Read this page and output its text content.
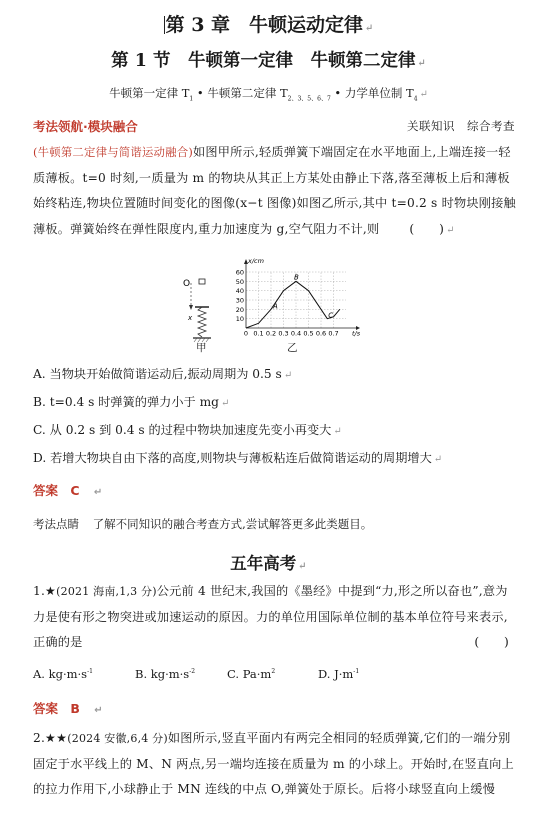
第 3 章　牛顿运动定律 ↵
第 1 节　牛顿第一定律　牛顿第二定律 ↵
牛顿第一定律 $T_1$ • 牛顿第二定律 $T_{2、3、5、6、7}$ • 力学单位制 $T_4$ ↵
考法领航·模块融合	关联知识　综合考查
(牛顿第二定律与简谐运动融合)如图甲所示,轻质弹簧下端固定在水平地面上,上端连接一轻质薄板。t=0 时刻,一质量为 m 的物块从其正上方某处由静止下落,落至薄板上后和薄板始终粘连,物块位置随时间变化的图像(x−t 图像)如图乙所示,其中 t=0.2 s 时物块刚接触薄板。弹簧始终在弹性限度内,重力加速度为 g,空气阻力不计,则 (　　) ↵
O
x
甲
10
20
30
40
50
60
0 0.1 0.2 0.3 0.4 0.5 0.6 0.7
x/cm
t/s
A
B
C
乙
A. 当物块开始做简谐运动后,振动周期为 0.5 s ↵
B. t=0.4 s 时弹簧的弹力小于 mg ↵
C. 从 0.2 s 到 0.4 s 的过程中物块加速度先变小再变大 ↵
D. 若增大物块自由下落的高度,则物块与薄板粘连后做简谐运动的周期增大 ↵
答案 C ↵
考法点睛 了解不同知识的融合考查方式,尝试解答更多此类题目。
五年高考 ↵
1.★(2021 海南,1,3 分)公元前 4 世纪末,我国的《墨经》中提到“力,形之所以奋也”,意为力是使有形之物突进或加速运动的原因。力的单位用国际单位制的基本单位符号来表示,正确的是	(　　)
A. $kg\cdot m\cdot s^{-1}$	B. $kg\cdot m\cdot s^{-2}$	C. $Pa\cdot m^2$	D. $J\cdot m^{-1}$
答案 B ↵
2.★★(2024 安徽,6,4 分)如图所示,竖直平面内有两完全相同的轻质弹簧,它们的一端分别固定于水平线上的 M、N 两点,另一端均连接在质量为 m 的小球上。开始时,在竖直向上的拉力作用下,小球静止于 MN 连线的中点 O,弹簧处于原长。后将小球竖直向上缓慢
